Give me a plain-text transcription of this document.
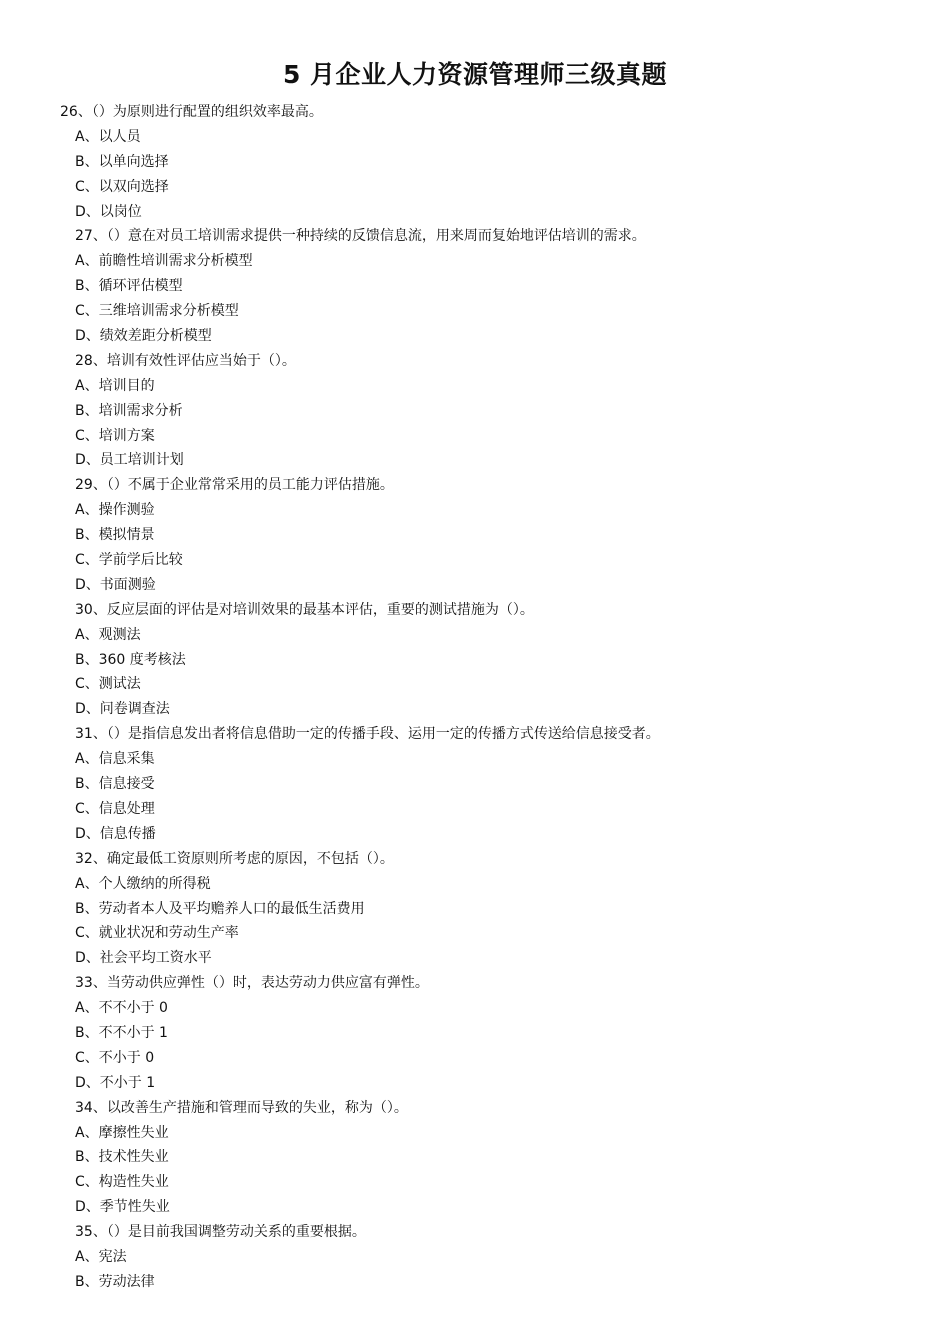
5 月企业人力资源管理师三级真题
26、（）为原则进行配置的组织效率最高。
A、以人员
B、以单向选择
C、以双向选择
D、以岗位
27、（）意在对员工培训需求提供一种持续的反馈信息流，用来周而复始地评估培训的需求。
A、前瞻性培训需求分析模型
B、循环评估模型
C、三维培训需求分析模型
D、绩效差距分析模型
28、培训有效性评估应当始于（）。
A、培训目的
B、培训需求分析
C、培训方案
D、员工培训计划
29、（）不属于企业常常采用的员工能力评估措施。
A、操作测验
B、模拟情景
C、学前学后比较
D、书面测验
30、反应层面的评估是对培训效果的最基本评估，重要的测试措施为（）。
A、观测法
B、360 度考核法
C、测试法
D、问卷调查法
31、（）是指信息发出者将信息借助一定的传播手段、运用一定的传播方式传送给信息接受者。
A、信息采集
B、信息接受
C、信息处理
D、信息传播
32、确定最低工资原则所考虑的原因，不包括（）。
A、个人缴纳的所得税
B、劳动者本人及平均赡养人口的最低生活费用
C、就业状况和劳动生产率
D、社会平均工资水平
33、当劳动供应弹性（）时，表达劳动力供应富有弹性。
A、不不小于 0
B、不不小于 1
C、不小于 0
D、不小于 1
34、以改善生产措施和管理而导致的失业，称为（）。
A、摩擦性失业
B、技术性失业
C、构造性失业
D、季节性失业
35、（）是目前我国调整劳动关系的重要根据。
A、宪法
B、劳动法律
